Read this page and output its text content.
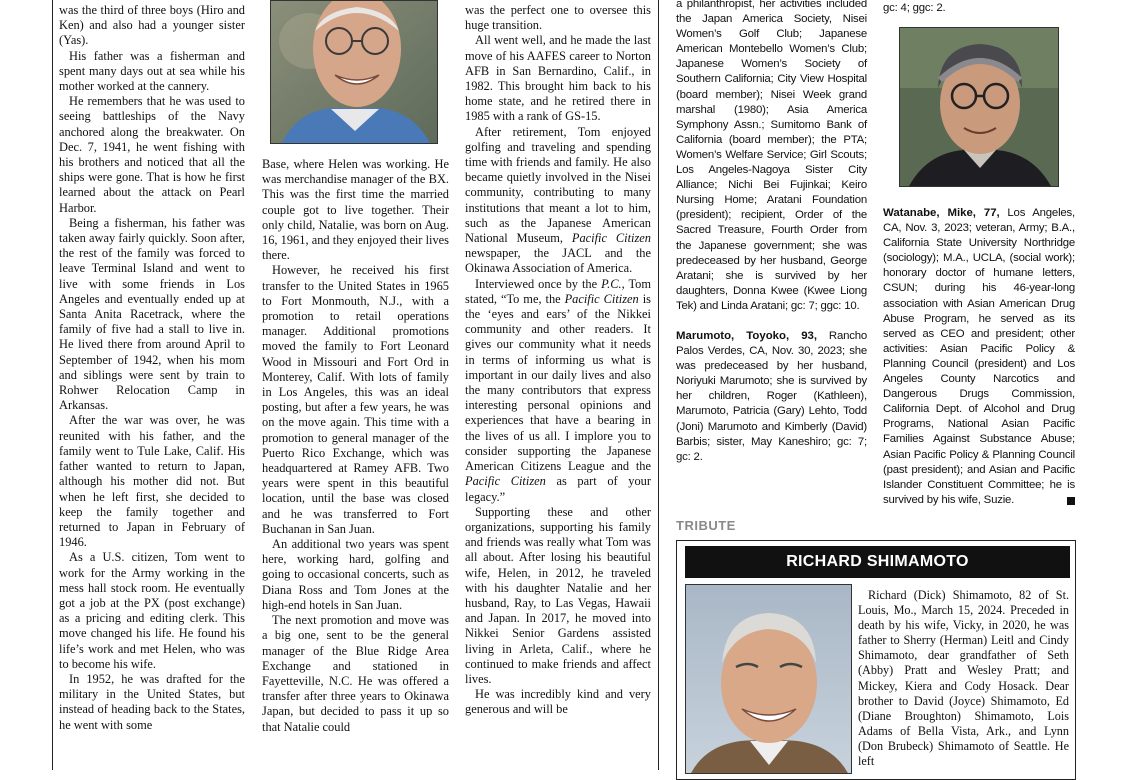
was the third of three boys (Hiro and Ken) and also had a younger sister (Yas).

His father was a fisherman and spent many days out at sea while his mother worked at the cannery.

He remembers that he was used to seeing battleships of the Navy anchored along the breakwater. On Dec. 7, 1941, he went fishing with his brothers and noticed that all the ships were gone. That is how he first learned about the attack on Pearl Harbor.

Being a fisherman, his father was taken away fairly quickly. Soon after, the rest of the family was forced to leave Terminal Island and went to live with some friends in Los Angeles and eventually ended up at Santa Anita Racetrack, where the family of five had a stall to live in. He lived there from around April to September of 1942, when his mom and siblings were sent by train to Rohwer Relocation Camp in Arkansas.

After the war was over, he was reunited with his father, and the family went to Tule Lake, Calif. His father wanted to return to Japan, although his mother did not. But when he left first, she decided to keep the family together and returned to Japan in February of 1946.

As a U.S. citizen, Tom went to work for the Army working in the mess hall stock room. He eventually got a job at the PX (post exchange) as a pricing and editing clerk. This move changed his life. He found his life’s work and met Helen, who was to become his wife.

In 1952, he was drafted for the military in the United States, but instead of heading back to the States, he went with some

Base, where Helen was working. He was merchandise manager of the BX. This was the first time the married couple got to live together. Their only child, Natalie, was born on Aug. 16, 1961, and they enjoyed their lives there.

However, he received his first transfer to the United States in 1965 to Fort Monmouth, N.J., with a promotion to retail operations manager. Additional promotions moved the family to Fort Leonard Wood in Missouri and Fort Ord in Monterey, Calif. With lots of family in Los Angeles, this was an ideal posting, but after a few years, he was on the move again. This time with a promotion to general manager of the Puerto Rico Exchange, which was headquartered at Ramey AFB. Two years were spent in this beautiful location, until the base was closed and he was transferred to Fort Buchanan in San Juan.

An additional two years was spent here, working hard, golfing and going to occasional concerts, such as Diana Ross and Tom Jones at the high-end hotels in San Juan.

The next promotion and move was a big one, sent to be the general manager of the Blue Ridge Area Exchange and stationed in Fayetteville, N.C. He was offered a transfer after three years to Okinawa Japan, but decided to pass it up so that Natalie could

was the perfect one to oversee this huge transition.

All went well, and he made the last move of his AAFES career to Norton AFB in San Bernardino, Calif., in 1982. This brought him back to his home state, and he retired there in 1985 with a rank of GS-15.

After retirement, Tom enjoyed golfing and traveling and spending time with friends and family. He also became quietly involved in the Nisei community, contributing to many institutions that meant a lot to him, such as the Japanese American National Museum, Pacific Citizen newspaper, the JACL and the Okinawa Association of America.

Interviewed once by the P.C., Tom stated, “To me, the Pacific Citizen is the ‘eyes and ears’ of the Nikkei community and other readers. It gives our community what it needs in terms of informing us what is important in our daily lives and also the many contributors that express interesting personal opinions and experiences that have a bearing in the lives of us all. I implore you to consider supporting the Japanese American Citizens League and the Pacific Citizen as part of your legacy.”

Supporting these and other organizations, supporting his family and friends was really what Tom was all about. After losing his beautiful wife, Helen, in 2012, he traveled with his daughter Natalie and her husband, Ray, to Las Vegas, Hawaii and Japan. In 2017, he moved into Nikkei Senior Gardens assisted living in Arleta, Calif., where he continued to make friends and affect lives.

He was incredibly kind and very generous and will be

a philanthropist, her activities included the Japan America Society, Nisei Women’s Golf Club; Japanese American Montebello Women’s Club; Japanese Women’s Society of Southern California; City View Hospital (board member); Nisei Week grand marshal (1980); Asia America Symphony Assn.; Sumitomo Bank of California (board member); the PTA; Women’s Welfare Service; Girl Scouts; Los Angeles-Nagoya Sister City Alliance; Nichi Bei Fujinkai; Keiro Nursing Home; Aratani Foundation (president); recipient, Order of the Sacred Treasure, Fourth Order from the Japanese government; she was predeceased by her husband, George Aratani; she is survived by her daughters, Donna Kwee (Kwee Liong Tek) and Linda Aratani; gc: 7; ggc: 10.

Marumoto, Toyoko, 93, Rancho Palos Verdes, CA, Nov. 30, 2023; she was predeceased by her husband, Noriyuki Marumoto; she is survived by her children, Roger (Kathleen), Marumoto, Patricia (Gary) Lehto, Todd (Joni) Marumoto and Kimberly (David) Barbis; sister, May Kaneshiro; gc: 7; gc: 2.

gc: 4; ggc: 2.

Watanabe, Mike, 77, Los Angeles, CA, Nov. 3, 2023; veteran, Army; B.A., California State University Northridge (sociology); M.A., UCLA, (social work); honorary doctor of humane letters, CSUN; during his 46-year-long association with Asian American Drug Abuse Program, he served as its served as CEO and president; other activities: Asian Pacific Policy & Planning Council (president) and Los Angeles County Narcotics and Dangerous Drugs Commission, California Dept. of Alcohol and Drug Programs, National Asian Pacific Families Against Substance Abuse; Asian Pacific Policy & Planning Council (past president); and Asian and Pacific Islander Constituent Committee; he is survived by his wife, Suzie.

TRIBUTE
RICHARD SHIMAMOTO

Richard (Dick) Shimamoto, 82 of St. Louis, Mo., March 15, 2024. Preceded in death by his wife, Vicky, in 2020, he was father to Sherry (Herman) Leitl and Cindy Shimamoto, dear grandfather of Seth (Abby) Pratt and Wesley Pratt; and Mickey, Kiera and Cody Hosack. Dear brother to David (Joyce) Shimamoto, Ed (Diane Broughton) Shimamoto, Lois Adams of Bella Vista, Ark., and Lynn (Don Brubeck) Shimamoto of Seattle. He left
